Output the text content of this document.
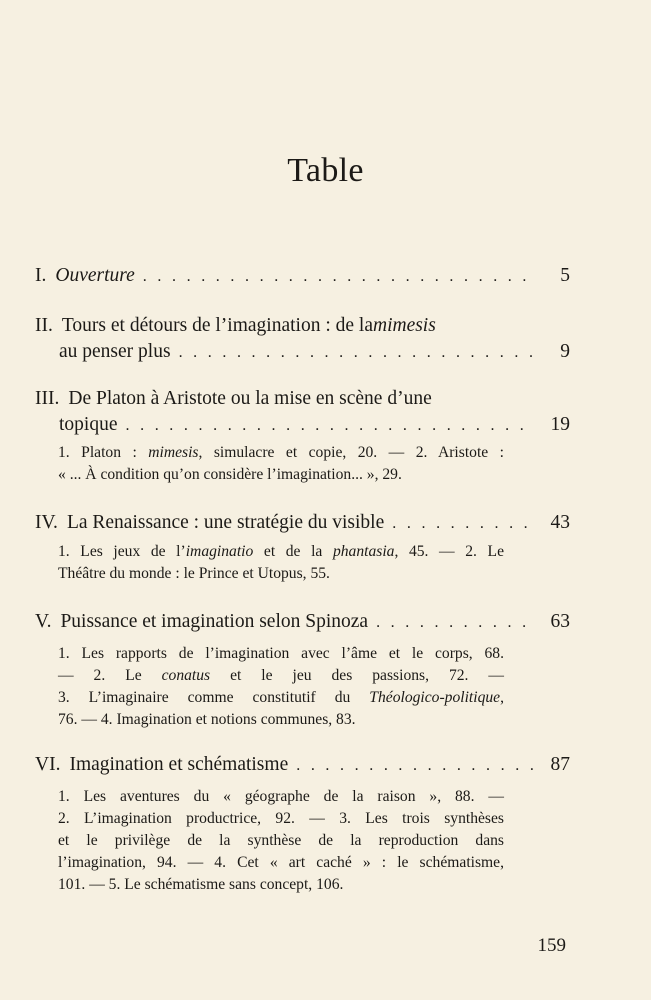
Table
I. Ouverture . . .	5
II. Tours et détours de l’imagination : de la mimesis
au penser plus . . .	9
III. De Platon à Aristote ou la mise en scène d’une
topique . . .	19
1. Platon : mimesis, simulacre et copie, 20. — 2. Aristote :
« ... À condition qu’on considère l’imagination... », 29.
IV. La Renaissance : une stratégie du visible . . .	43
1. Les jeux de l’imaginatio et de la phantasia, 45. — 2. Le
Théâtre du monde : le Prince et Utopus, 55.
V. Puissance et imagination selon Spinoza . . .	63
1. Les rapports de l’imagination avec l’âme et le corps, 68.
— 2. Le conatus et le jeu des passions, 72. —
3. L’imaginaire comme constitutif du Théologico-politique,
76. — 4. Imagination et notions communes, 83.
VI. Imagination et schématisme . . .	87
1. Les aventures du « géographe de la raison », 88. —
2. L’imagination productrice, 92. — 3. Les trois synthèses
et le privilège de la synthèse de la reproduction dans
l’imagination, 94. — 4. Cet « art caché » : le schématisme,
101. — 5. Le schématisme sans concept, 106.
159
